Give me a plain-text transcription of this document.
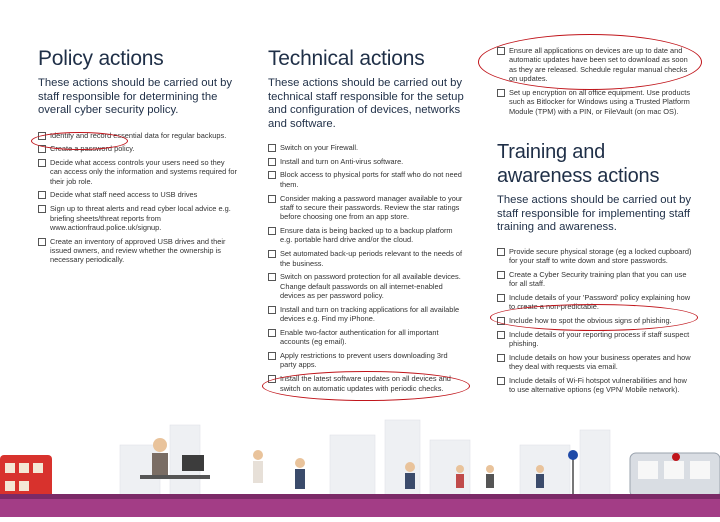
Policy actions

These actions should be carried out by staff responsible for determining the overall cyber security policy.

Identify and record essential data for regular backups.
Create a password policy.
Decide what access controls your users need so they can access only the information and systems required for their job role.
Decide what staff need access to USB drives
Sign up to threat alerts and read cyber local advice e.g. briefing sheets/threat reports from www.actionfraud.police.uk/signup.
Create an inventory of approved USB drives and their issued owners, and review whether the ownership is necessary periodically.
Technical actions

These actions should be carried out by technical staff responsible for the setup and configuration of devices, networks and software.

Switch on your Firewall.
Install and turn on Anti-virus software.
Block access to physical ports for staff who do not need them.
Consider making a password manager available to your staff to secure their passwords. Review the star ratings before choosing one from an app store.
Ensure data is being backed up to a backup platform e.g. portable hard drive and/or the cloud.
Set automated back-up periods relevant to the needs of the business.
Switch on password protection for all available devices. Change default passwords on all internet-enabled devices as per password policy.
Install and turn on tracking applications for all available devices e.g. Find my iPhone.
Enable two-factor authentication for all important accounts (eg email).
Apply restrictions to prevent users downloading 3rd party apps.
Install the latest software updates on all devices and switch on automatic updates with periodic checks.
Ensure all applications on devices are up to date and automatic updates have been set to download as soon as they are released. Schedule regular manual checks on updates.
Set up encryption on all office equipment. Use products such as Bitlocker for Windows using a Trusted Platform Module (TPM) with a PIN, or FileVault (on mac OS).
Training and
awareness actions

These actions should be carried out by staff responsible for implementing staff training and awareness.

Provide secure physical storage (eg a locked cupboard) for your staff to write down and store passwords.
Create a Cyber Security training plan that you can use for all staff.
Include details of your 'Password' policy explaining how to create a non-predictable.
Include how to spot the obvious signs of phishing.
Include details of your reporting process if staff suspect phishing.
Include details on how your business operates and how they deal with requests via email.
Include details of Wi-Fi hotspot vulnerabilities and how to use alternative options (eg VPN/ Mobile network).
